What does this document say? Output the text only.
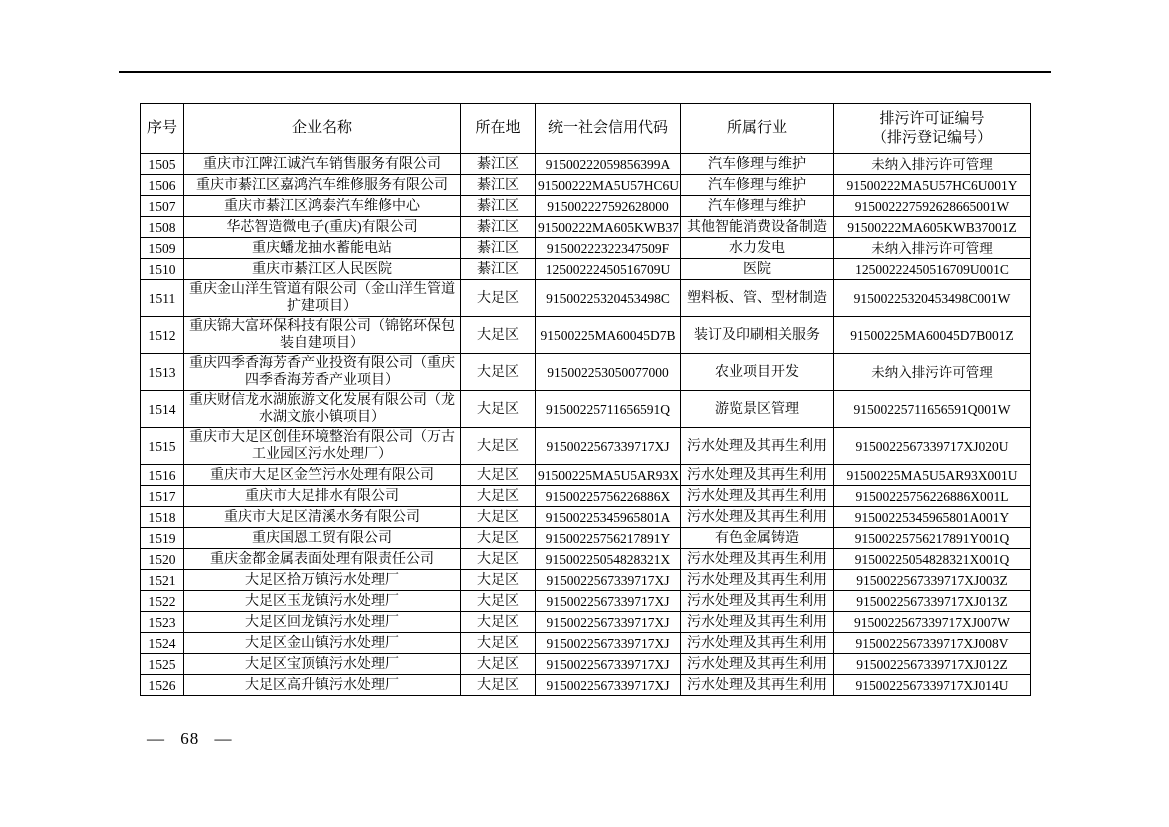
序号	企业名称	所在地	统一社会信用代码	所属行业	排污许可证编号
（排污登记编号）

1505	重庆市江陴江诚汽车销售服务有限公司	綦江区	91500222059856399A	汽车修理与维护	未纳入排污许可管理
1506	重庆市綦江区嘉鸿汽车维修服务有限公司	綦江区	91500222MA5U57HC6U	汽车修理与维护	91500222MA5U57HC6U001Y
1507	重庆市綦江区鸿泰汽车维修中心	綦江区	915002227592628000	汽车修理与维护	915002227592628665001W
1508	华芯智造微电子(重庆)有限公司	綦江区	91500222MA605KWB37	其他智能消费设备制造	91500222MA605KWB37001Z
1509	重庆蟠龙抽水蓄能电站	綦江区	91500222322347509F	水力发电	未纳入排污许可管理
1510	重庆市綦江区人民医院	綦江区	12500222450516709U	医院	12500222450516709U001C
1511	重庆金山洋生管道有限公司（金山洋生管道扩建项目）	大足区	91500225320453498C	塑料板、管、型材制造	91500225320453498C001W
1512	重庆锦大富环保科技有限公司（锦铭环保包装自建项目）	大足区	91500225MA60045D7B	装订及印刷相关服务	91500225MA60045D7B001Z
1513	重庆四季香海芳香产业投资有限公司（重庆四季香海芳香产业项目）	大足区	915002253050077000	农业项目开发	未纳入排污许可管理
1514	重庆财信龙水湖旅游文化发展有限公司（龙水湖文旅小镇项目）	大足区	91500225711656591Q	游览景区管理	91500225711656591Q001W
1515	重庆市大足区创佳环境整治有限公司（万古工业园区污水处理厂）	大足区	9150022567339717XJ	污水处理及其再生利用	9150022567339717XJ020U
1516	重庆市大足区金竺污水处理有限公司	大足区	91500225MA5U5AR93X	污水处理及其再生利用	91500225MA5U5AR93X001U
1517	重庆市大足排水有限公司	大足区	91500225756226886X	污水处理及其再生利用	91500225756226886X001L
1518	重庆市大足区清溪水务有限公司	大足区	91500225345965801A	污水处理及其再生利用	91500225345965801A001Y
1519	重庆国恩工贸有限公司	大足区	91500225756217891Y	有色金属铸造	91500225756217891Y001Q
1520	重庆金都金属表面处理有限责任公司	大足区	91500225054828321X	污水处理及其再生利用	91500225054828321X001Q
1521	大足区拾万镇污水处理厂	大足区	9150022567339717XJ	污水处理及其再生利用	9150022567339717XJ003Z
1522	大足区玉龙镇污水处理厂	大足区	9150022567339717XJ	污水处理及其再生利用	9150022567339717XJ013Z
1523	大足区回龙镇污水处理厂	大足区	9150022567339717XJ	污水处理及其再生利用	9150022567339717XJ007W
1524	大足区金山镇污水处理厂	大足区	9150022567339717XJ	污水处理及其再生利用	9150022567339717XJ008V
1525	大足区宝顶镇污水处理厂	大足区	9150022567339717XJ	污水处理及其再生利用	9150022567339717XJ012Z
1526	大足区高升镇污水处理厂	大足区	9150022567339717XJ	污水处理及其再生利用	9150022567339717XJ014U
— 68 —
